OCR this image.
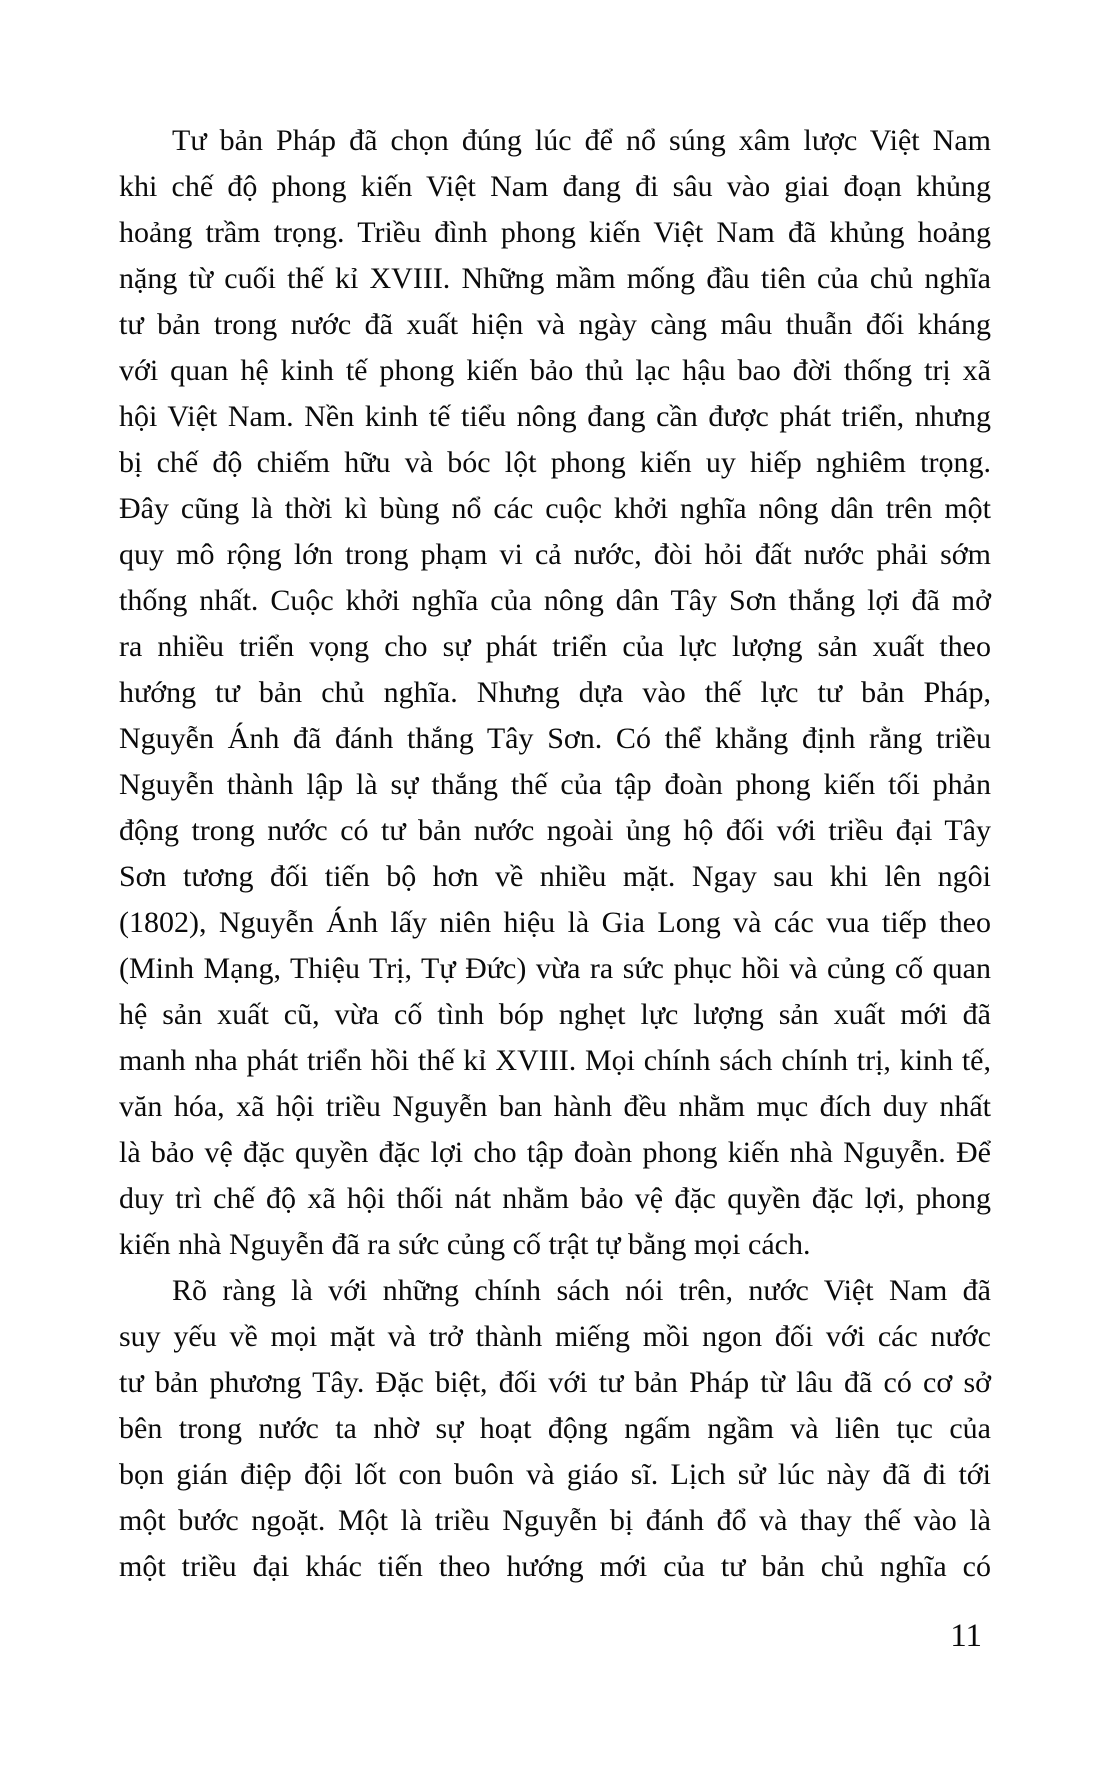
Tư bản Pháp đã chọn đúng lúc để nổ súng xâm lược Việt Nam
khi chế độ phong kiến Việt Nam đang đi sâu vào giai đoạn khủng
hoảng trầm trọng. Triều đình phong kiến Việt Nam đã khủng hoảng
nặng từ cuối thế kỉ XVIII. Những mầm mống đầu tiên của chủ nghĩa
tư bản trong nước đã xuất hiện và ngày càng mâu thuẫn đối kháng
với quan hệ kinh tế phong kiến bảo thủ lạc hậu bao đời thống trị xã
hội Việt Nam. Nền kinh tế tiểu nông đang cần được phát triển, nhưng
bị chế độ chiếm hữu và bóc lột phong kiến uy hiếp nghiêm trọng.
Đây cũng là thời kì bùng nổ các cuộc khởi nghĩa nông dân trên một
quy mô rộng lớn trong phạm vi cả nước, đòi hỏi đất nước phải sớm
thống nhất. Cuộc khởi nghĩa của nông dân Tây Sơn thắng lợi đã mở
ra nhiều triển vọng cho sự phát triển của lực lượng sản xuất theo
hướng tư bản chủ nghĩa. Nhưng dựa vào thế lực tư bản Pháp,
Nguyễn Ánh đã đánh thắng Tây Sơn. Có thể khẳng định rằng triều
Nguyễn thành lập là sự thắng thế của tập đoàn phong kiến tối phản
động trong nước có tư bản nước ngoài ủng hộ đối với triều đại Tây
Sơn tương đối tiến bộ hơn về nhiều mặt. Ngay sau khi lên ngôi
(1802), Nguyễn Ánh lấy niên hiệu là Gia Long và các vua tiếp theo
(Minh Mạng, Thiệu Trị, Tự Đức) vừa ra sức phục hồi và củng cố quan
hệ sản xuất cũ, vừa cố tình bóp nghẹt lực lượng sản xuất mới đã
manh nha phát triển hồi thế kỉ XVIII. Mọi chính sách chính trị, kinh tế,
văn hóa, xã hội triều Nguyễn ban hành đều nhằm mục đích duy nhất
là bảo vệ đặc quyền đặc lợi cho tập đoàn phong kiến nhà Nguyễn. Để
duy trì chế độ xã hội thối nát nhằm bảo vệ đặc quyền đặc lợi, phong
kiến nhà Nguyễn đã ra sức củng cố trật tự bằng mọi cách.
Rõ ràng là với những chính sách nói trên, nước Việt Nam đã
suy yếu về mọi mặt và trở thành miếng mồi ngon đối với các nước
tư bản phương Tây. Đặc biệt, đối với tư bản Pháp từ lâu đã có cơ sở
bên trong nước ta nhờ sự hoạt động ngấm ngầm và liên tục của
bọn gián điệp đội lốt con buôn và giáo sĩ. Lịch sử lúc này đã đi tới
một bước ngoặt. Một là triều Nguyễn bị đánh đổ và thay thế vào là
một triều đại khác tiến theo hướng mới của tư bản chủ nghĩa có
11
